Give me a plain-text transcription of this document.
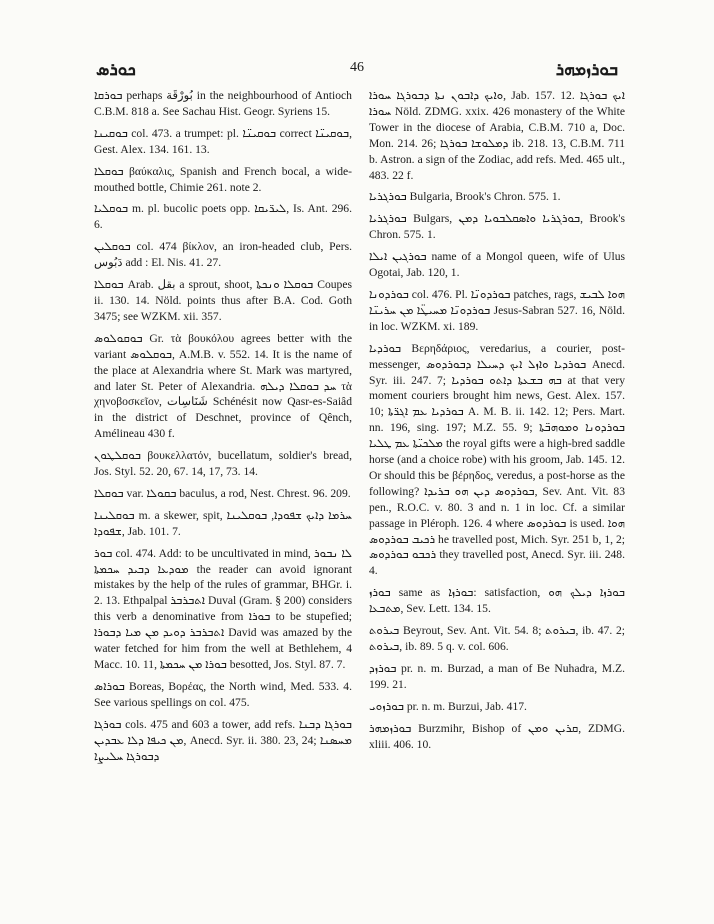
ܟܘܪܣ	46	ܒܘܪܙܡܗܪ

ܒܘܪܩܐ perhaps بُورْقَة in the neighbourhood of Antioch C.B.M. 818 a. See Sachau Hist. Geogr. Syriens 15.

ܒܘܩܝܢܐ col. 473. a trumpet: pl. ܒܘܩܝܢ̈ܐ correct ܒܘܩܝܢ̈ܐ, Gest. Alex. 134. 161. 13.

ܒܘܩܠܐ βαύκαλις, Spanish and French bocal, a wide-mouthed bottle, Chimie 261. note 2.

ܒܘܩܠܝܐ m. pl. bucolic poets opp. ܠܝܪ̈ܝܩܐ, Is. Ant. 296. 6.

ܒܘܩܠܝܢ col. 474 βίκλον, an iron-headed club, Pers. دَبُوس add : El. Nis. 41. 27.

ܒܘܩܠܐ Arab. بقل a sprout, shoot, ܒܘܩܠܐ ܘܢܟܬܐ Coupes ii. 130. 14. Nöld. points thus after B.A. Cod. Goth 3475; see WZKM. xii. 357.

ܒܘܩܘܠܘܣ Gr. τὰ βουκόλου agrees better with the variant ܒܘܩܠܘܣ, A.M.B. v. 552. 14. It is the name of the place at Alexandria where St. Mark was martyred, and later St. Peter of Alexandria. ܚܕ ܒܘܩܠܐ ܕܝܠܗ τὰ χηνοβοσκεῖον, شَنَاسِات Schénésit now Qasr-es-Saiâd in the district of Deschnet, province of Qênch, Amélineau 430 f.

ܒܘܩܠܛܘܢ βουκελλατόν, bucellatum, soldier's bread, Jos. Styl. 52. 20, 67. 14, 17, 73. 14.

ܒܘܩܠܐ var. ܒܩܘܠܐ baculus, a rod, Nest. Chrest. 96. 209.

ܒܘܩܠܝܢܐ m. a skewer, spit, ܚܪܡܐ ܕܐܝܟ ܫܦܘܕܐ, ܒܘܩܠܝܢܐ ܫܦܘܕܐ, Jab. 101. 7.

ܒܘܪ col. 474. Add: to be uncultivated in mind, ܠܐ ܢܒܘܪ ܡܘܕܥܐ ܕܒܝܕ ܚܟܡܬܐ the reader can avoid ignorant mistakes by the help of the rules of grammar, BHGr. i. 2. 13. Ethpalpal ܐܬܒܪܒܪ Duval (Gram. § 200) considers this verb a denominative from ܒܘܪܐ to be stupefied; ܐܬܒܪܒܪ ܕܘܝܕ ܡܢ ܡܝܐ ܕܒܘܪܐ David was amazed by the water fetched for him from the well at Bethlehem, 4 Macc. 10. 11, ܒܘܪܐ ܡܢ ܚܟܡܬܐ besotted, Jos. Styl. 87. 7.

ܒܘܪܐܣ Boreas, Βορέας, the North wind, Med. 533. 4. See various spellings on col. 475.

ܒܘܪܓܐ cols. 475 and 603 a tower, add refs. ܒܘܪܓܐ ܕܒܢܐ ܡܢ ܟܝܦܐ ܕܠܐ ܥܒܕܝܢ, Anecd. Syr. ii. 380. 23, 24; ܡܚܣܢܐ ܕܒܘܪܓܐ ܚܠܝܨܐ

ܘܐܝܟ ܕܐܒܘܢ ܢܬܐ ܕܒܘܪܓܐ ܚܘܪܐ, Jab. 157. 12. ܐܝܟ ܒܘܪܓܐ ܚܘܪܐ Nöld. ZDMG. xxix. 426 monastery of the White Tower in the diocese of Arabia, C.B.M. 710 a, Doc. Mon. 214. 26; ܕܡܠܘܫܐ ܒܘܪܓܐ ib. 218. 13, C.B.M. 711 b. Astron. a sign of the Zodiac, add refs. Med. 465 ult., 483. 22 f.

ܒܘܪܓܪܝܐ Bulgaria, Brook's Chron. 575. 1.

ܒܘܪܓܪܝܐ Bulgars, ܒܘܪܓܪܝܐ ܘܐܣܩܠܒܘܝܐ ܕܡܢ, Brook's Chron. 575. 1.

ܒܘܪܓܝܢ ܐܝܠܐ name of a Mongol queen, wife of Ulus Ogotai, Jab. 120, 1.

ܒܘܪܕܘܢܐ col. 476. Pl. ܒܘܪܕܘܢ̈ܐ patches, rags, ܗܘܐ ܠܒܝܫ ܒܘܪܕܘܢ̈ܐ ܡܚܝܛ̈ܐ ܡܢ ܚܪܝܢ̈ܐ Jesus-Sabran 527. 16, Nöld. in loc. WZKM. xi. 189.

ܒܘܪܕܝܐ Βερηδάριος, veredarius, a courier, post-messenger, ܒܘܪܕܝܐ ܘܐܙܠ ܐܝܟ ܕܚܝܠܐ ܕܒܘܪܕܘܣ Anecd. Syr. iii. 247. 7; ܒܗ ܒܫܥܬܐ ܕܐܬܘ ܒܘܪܕܝܐ at that very moment couriers brought him news, Gest. Alex. 157. 10; ܒܘܪܕܝܐ ܥܡ ܐܓܪ̈ܬܐ A. M. B. ii. 142. 12; Pers. Mart. nn. 196, sing. 197; M.Z. 55. 9; ܒܘܪܕܘܢܐ ܘܡܘܗܒ̈ܬܐ ܡܠܟܝ̈ܬܐ ܥܡ ܛܠܝܐ the royal gifts were a high-bred saddle horse (and a choice robe) with his groom, Jab. 145. 12. Or should this be βέρηδος, veredus, a post-horse as the following? ܒܘܪܕܘܣ ܕܝܢ ܗܘ ܒܪܝܕܐ, Sev. Ant. Vit. 83 pen., R.O.C. v. 80. 3 and n. 1 in loc. Cf. a similar passage in Pléroph. 126. 4 where ܒܘܪܕܘܣ is used. ܗܘܐ ܪܟܝܒ ܒܘܪܕܘܣ he travelled post, Mich. Syr. 251 b, 1, 2; ܪܟܒܘ ܒܘܪܕܘܣ they travelled post, Anecd. Syr. iii. 248. 4.

ܒܘܪܙ same as ܒܘܪܙܐ: satisfaction, ܒܘܪܙܐ ܕܝܠܟ ܗܘ ܡܬܒܥܐ, Sev. Lett. 134. 15.

ܒܝܪܘܬ Beyrout, Sev. Ant. Vit. 54. 8; ܒܝܪܘܬ, ib. 47. 2; ܒܝܪܘܬ, ib. 89. 5 q. v. col. 606.

ܒܘܪܙܕ pr. n. m. Burzad, a man of Be Nuhadra, M.Z. 199. 21.

ܒܘܪܙܘܝ pr. n. m. Burzui, Jab. 417.

ܒܘܪܙܡܗܪ Burzmihr, Bishop of ܩܪܝܢ ܘܡܢ, ZDMG. xliii. 406. 10.
